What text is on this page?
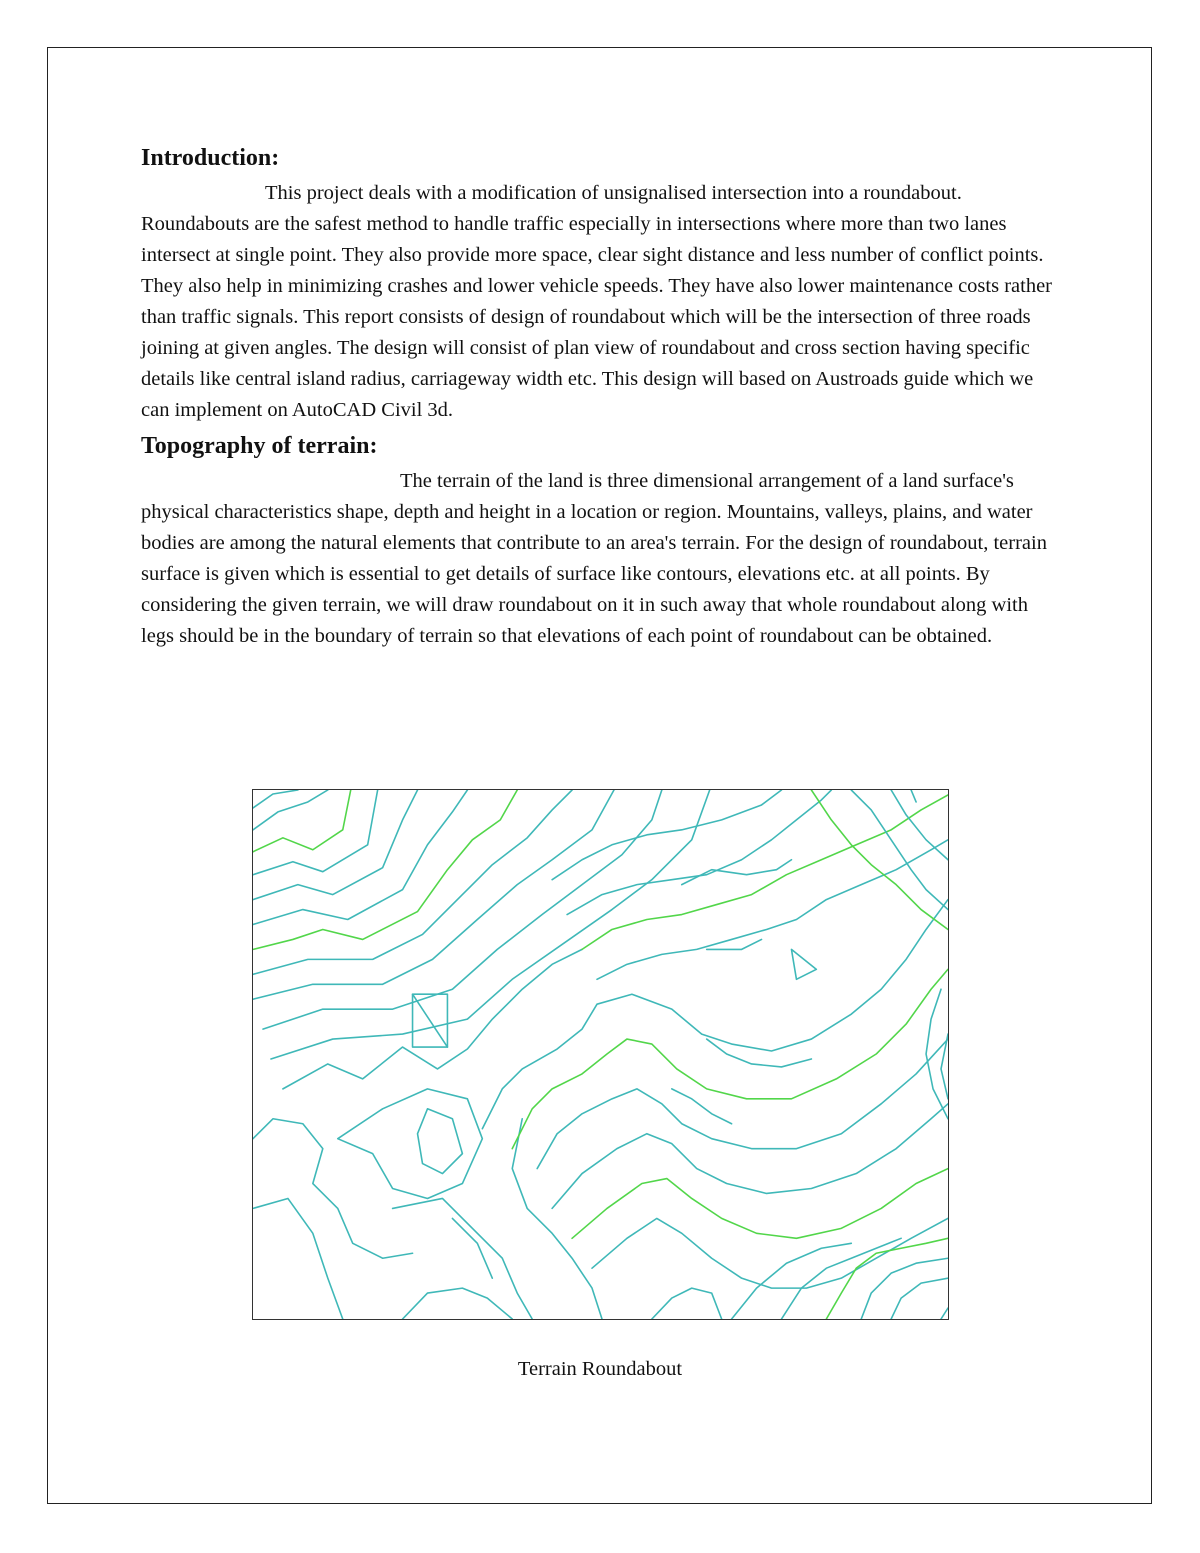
Introduction:

This project deals with a modification of unsignalised intersection into a roundabout. Roundabouts are the safest method to handle traffic especially in intersections where more than two lanes intersect at single point. They also provide more space, clear sight distance and less number of conflict points. They also help in minimizing crashes and lower vehicle speeds. They have also lower maintenance costs rather than traffic signals. This report consists of design of roundabout which will be the intersection of three roads joining at given angles. The design will consist of plan view of roundabout and cross section having specific details like central island radius, carriageway width etc. This design will based on Austroads guide which we can implement on AutoCAD Civil 3d.

Topography of terrain:

The terrain of the land is three dimensional arrangement of a land surface's physical characteristics shape, depth and height in a location or region. Mountains, valleys, plains, and water bodies are among the natural elements that contribute to an area's terrain. For the design of roundabout, terrain surface is given which is essential to get details of surface like contours, elevations etc. at all points. By considering the given terrain, we will draw roundabout on it in such away that whole roundabout along with legs should be in the boundary of terrain so that elevations of each point of roundabout can be obtained.

Terrain Roundabout
